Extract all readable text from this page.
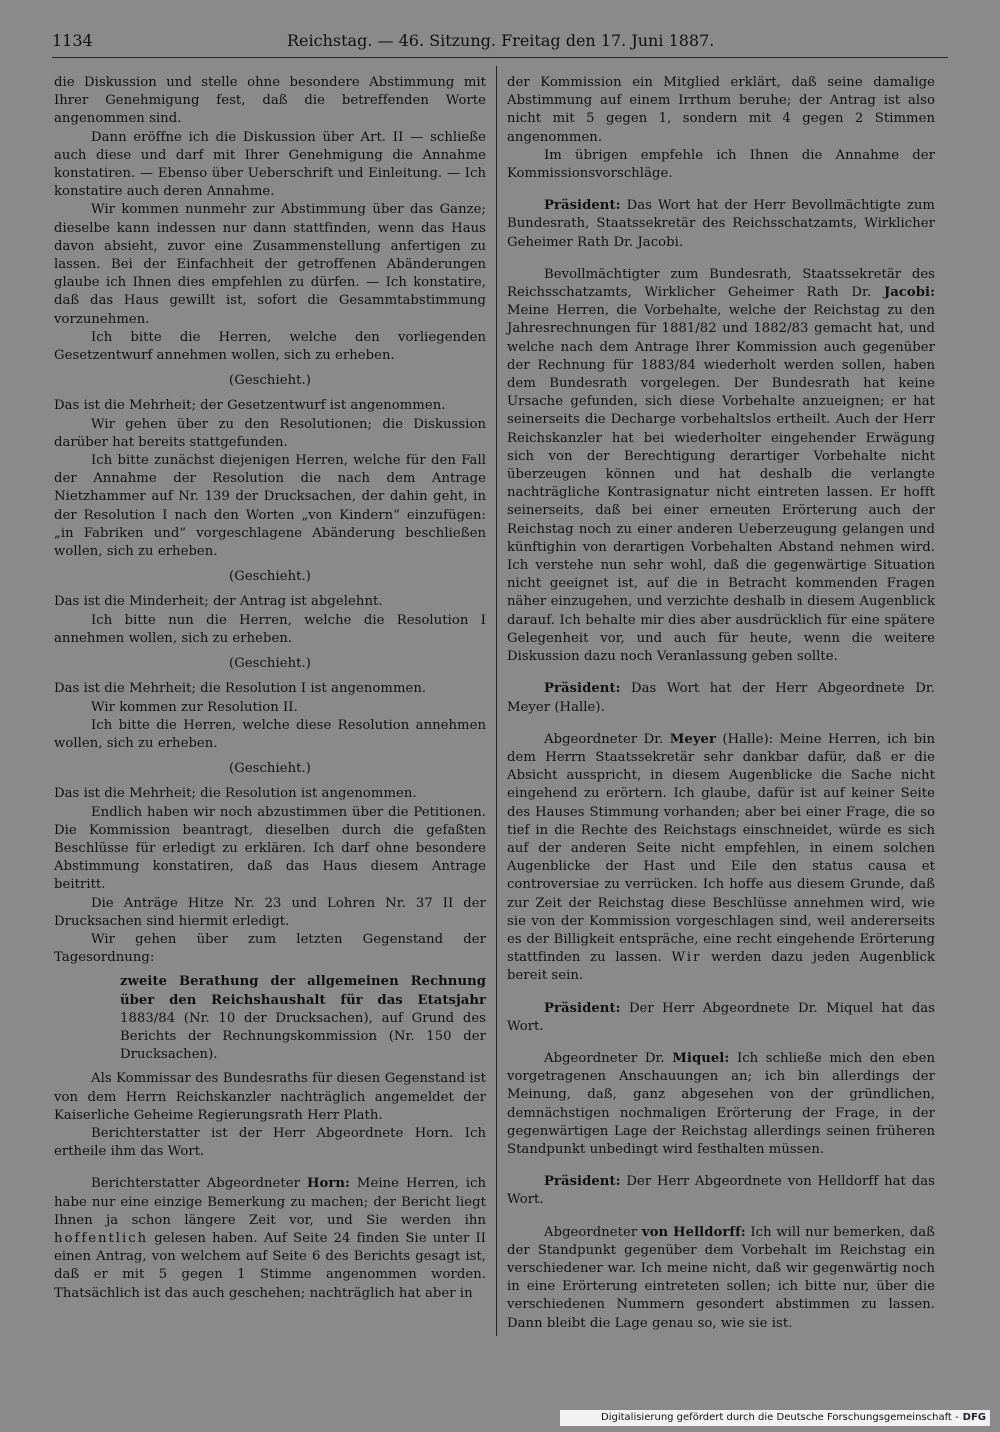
1134	Reichstag. — 46. Sitzung. Freitag den 17. Juni 1887.

die Diskussion und stelle ohne besondere Abstimmung mit Ihrer Genehmigung fest, daß die betreffenden Worte angenommen sind.

Dann eröffne ich die Diskussion über Art. II — schließe auch diese und darf mit Ihrer Genehmigung die Annahme konstatiren. — Ebenso über Ueberschrift und Einleitung. — Ich konstatire auch deren Annahme.

Wir kommen nunmehr zur Abstimmung über das Ganze; dieselbe kann indessen nur dann stattfinden, wenn das Haus davon absieht, zuvor eine Zusammenstellung anfertigen zu lassen. Bei der Einfachheit der getroffenen Abänderungen glaube ich Ihnen dies empfehlen zu dürfen. — Ich konstatire, daß das Haus gewillt ist, sofort die Gesammtabstimmung vorzunehmen.

Ich bitte die Herren, welche den vorliegenden Gesetzentwurf annehmen wollen, sich zu erheben.

(Geschieht.)

Das ist die Mehrheit; der Gesetzentwurf ist angenommen.

Wir gehen über zu den Resolutionen; die Diskussion darüber hat bereits stattgefunden.

Ich bitte zunächst diejenigen Herren, welche für den Fall der Annahme der Resolution die nach dem Antrage Nietzhammer auf Nr. 139 der Drucksachen, der dahin geht, in der Resolution I nach den Worten „von Kindern“ einzufügen: „in Fabriken und“ vorgeschlagene Abänderung beschließen wollen, sich zu erheben.

(Geschieht.)

Das ist die Minderheit; der Antrag ist abgelehnt.

Ich bitte nun die Herren, welche die Resolution I annehmen wollen, sich zu erheben.

(Geschieht.)

Das ist die Mehrheit; die Resolution I ist angenommen.

Wir kommen zur Resolution II.

Ich bitte die Herren, welche diese Resolution annehmen wollen, sich zu erheben.

(Geschieht.)

Das ist die Mehrheit; die Resolution ist angenommen.

Endlich haben wir noch abzustimmen über die Petitionen. Die Kommission beantragt, dieselben durch die gefaßten Beschlüsse für erledigt zu erklären. Ich darf ohne besondere Abstimmung konstatiren, daß das Haus diesem Antrage beitritt.

Die Anträge Hitze Nr. 23 und Lohren Nr. 37 II der Drucksachen sind hiermit erledigt.

Wir gehen über zum letzten Gegenstand der Tagesordnung:

zweite Berathung der allgemeinen Rechnung über den Reichshaushalt für das Etatsjahr 1883/84 (Nr. 10 der Drucksachen), auf Grund des Berichts der Rechnungskommission (Nr. 150 der Drucksachen).

Als Kommissar des Bundesraths für diesen Gegenstand ist von dem Herrn Reichskanzler nachträglich angemeldet der Kaiserliche Geheime Regierungsrath Herr Plath.

Berichterstatter ist der Herr Abgeordnete Horn. Ich ertheile ihm das Wort.

Berichterstatter Abgeordneter Horn: Meine Herren, ich habe nur eine einzige Bemerkung zu machen; der Bericht liegt Ihnen ja schon längere Zeit vor, und Sie werden ihn hoffentlich gelesen haben. Auf Seite 24 finden Sie unter II einen Antrag, von welchem auf Seite 6 des Berichts gesagt ist, daß er mit 5 gegen 1 Stimme angenommen worden. Thatsächlich ist das auch geschehen; nachträglich hat aber in

der Kommission ein Mitglied erklärt, daß seine damalige Abstimmung auf einem Irrthum beruhe; der Antrag ist also nicht mit 5 gegen 1, sondern mit 4 gegen 2 Stimmen angenommen.

Im übrigen empfehle ich Ihnen die Annahme der Kommissionsvorschläge.

Präsident: Das Wort hat der Herr Bevollmächtigte zum Bundesrath, Staatssekretär des Reichsschatzamts, Wirklicher Geheimer Rath Dr. Jacobi.

Bevollmächtigter zum Bundesrath, Staatssekretär des Reichsschatzamts, Wirklicher Geheimer Rath Dr. Jacobi: Meine Herren, die Vorbehalte, welche der Reichstag zu den Jahresrechnungen für 1881/82 und 1882/83 gemacht hat, und welche nach dem Antrage Ihrer Kommission auch gegenüber der Rechnung für 1883/84 wiederholt werden sollen, haben dem Bundesrath vorgelegen. Der Bundesrath hat keine Ursache gefunden, sich diese Vorbehalte anzueignen; er hat seinerseits die Decharge vorbehaltslos ertheilt. Auch der Herr Reichskanzler hat bei wiederholter eingehender Erwägung sich von der Berechtigung derartiger Vorbehalte nicht überzeugen können und hat deshalb die verlangte nachträgliche Kontrasignatur nicht eintreten lassen. Er hofft seinerseits, daß bei einer erneuten Erörterung auch der Reichstag noch zu einer anderen Ueberzeugung gelangen und künftighin von derartigen Vorbehalten Abstand nehmen wird. Ich verstehe nun sehr wohl, daß die gegenwärtige Situation nicht geeignet ist, auf die in Betracht kommenden Fragen näher einzugehen, und verzichte deshalb in diesem Augenblick darauf. Ich behalte mir dies aber ausdrücklich für eine spätere Gelegenheit vor, und auch für heute, wenn die weitere Diskussion dazu noch Veranlassung geben sollte.

Präsident: Das Wort hat der Herr Abgeordnete Dr. Meyer (Halle).

Abgeordneter Dr. Meyer (Halle): Meine Herren, ich bin dem Herrn Staatssekretär sehr dankbar dafür, daß er die Absicht ausspricht, in diesem Augenblicke die Sache nicht eingehend zu erörtern. Ich glaube, dafür ist auf keiner Seite des Hauses Stimmung vorhanden; aber bei einer Frage, die so tief in die Rechte des Reichstags einschneidet, würde es sich auf der anderen Seite nicht empfehlen, in einem solchen Augenblicke der Hast und Eile den status causa et controversiae zu verrücken. Ich hoffe aus diesem Grunde, daß zur Zeit der Reichstag diese Beschlüsse annehmen wird, wie sie von der Kommission vorgeschlagen sind, weil andererseits es der Billigkeit entspräche, eine recht eingehende Erörterung stattfinden zu lassen. Wir werden dazu jeden Augenblick bereit sein.

Präsident: Der Herr Abgeordnete Dr. Miquel hat das Wort.

Abgeordneter Dr. Miquel: Ich schließe mich den eben vorgetragenen Anschauungen an; ich bin allerdings der Meinung, daß, ganz abgesehen von der gründlichen, demnächstigen nochmaligen Erörterung der Frage, in der gegenwärtigen Lage der Reichstag allerdings seinen früheren Standpunkt unbedingt wird festhalten müssen.

Präsident: Der Herr Abgeordnete von Helldorff hat das Wort.

Abgeordneter von Helldorff: Ich will nur bemerken, daß der Standpunkt gegenüber dem Vorbehalt im Reichstag ein verschiedener war. Ich meine nicht, daß wir gegenwärtig noch in eine Erörterung eintreteten sollen; ich bitte nur, über die verschiedenen Nummern gesondert abstimmen zu lassen. Dann bleibt die Lage genau so, wie sie ist.

Digitalisierung gefördert durch die Deutsche Forschungsgemeinschaft - DFG
